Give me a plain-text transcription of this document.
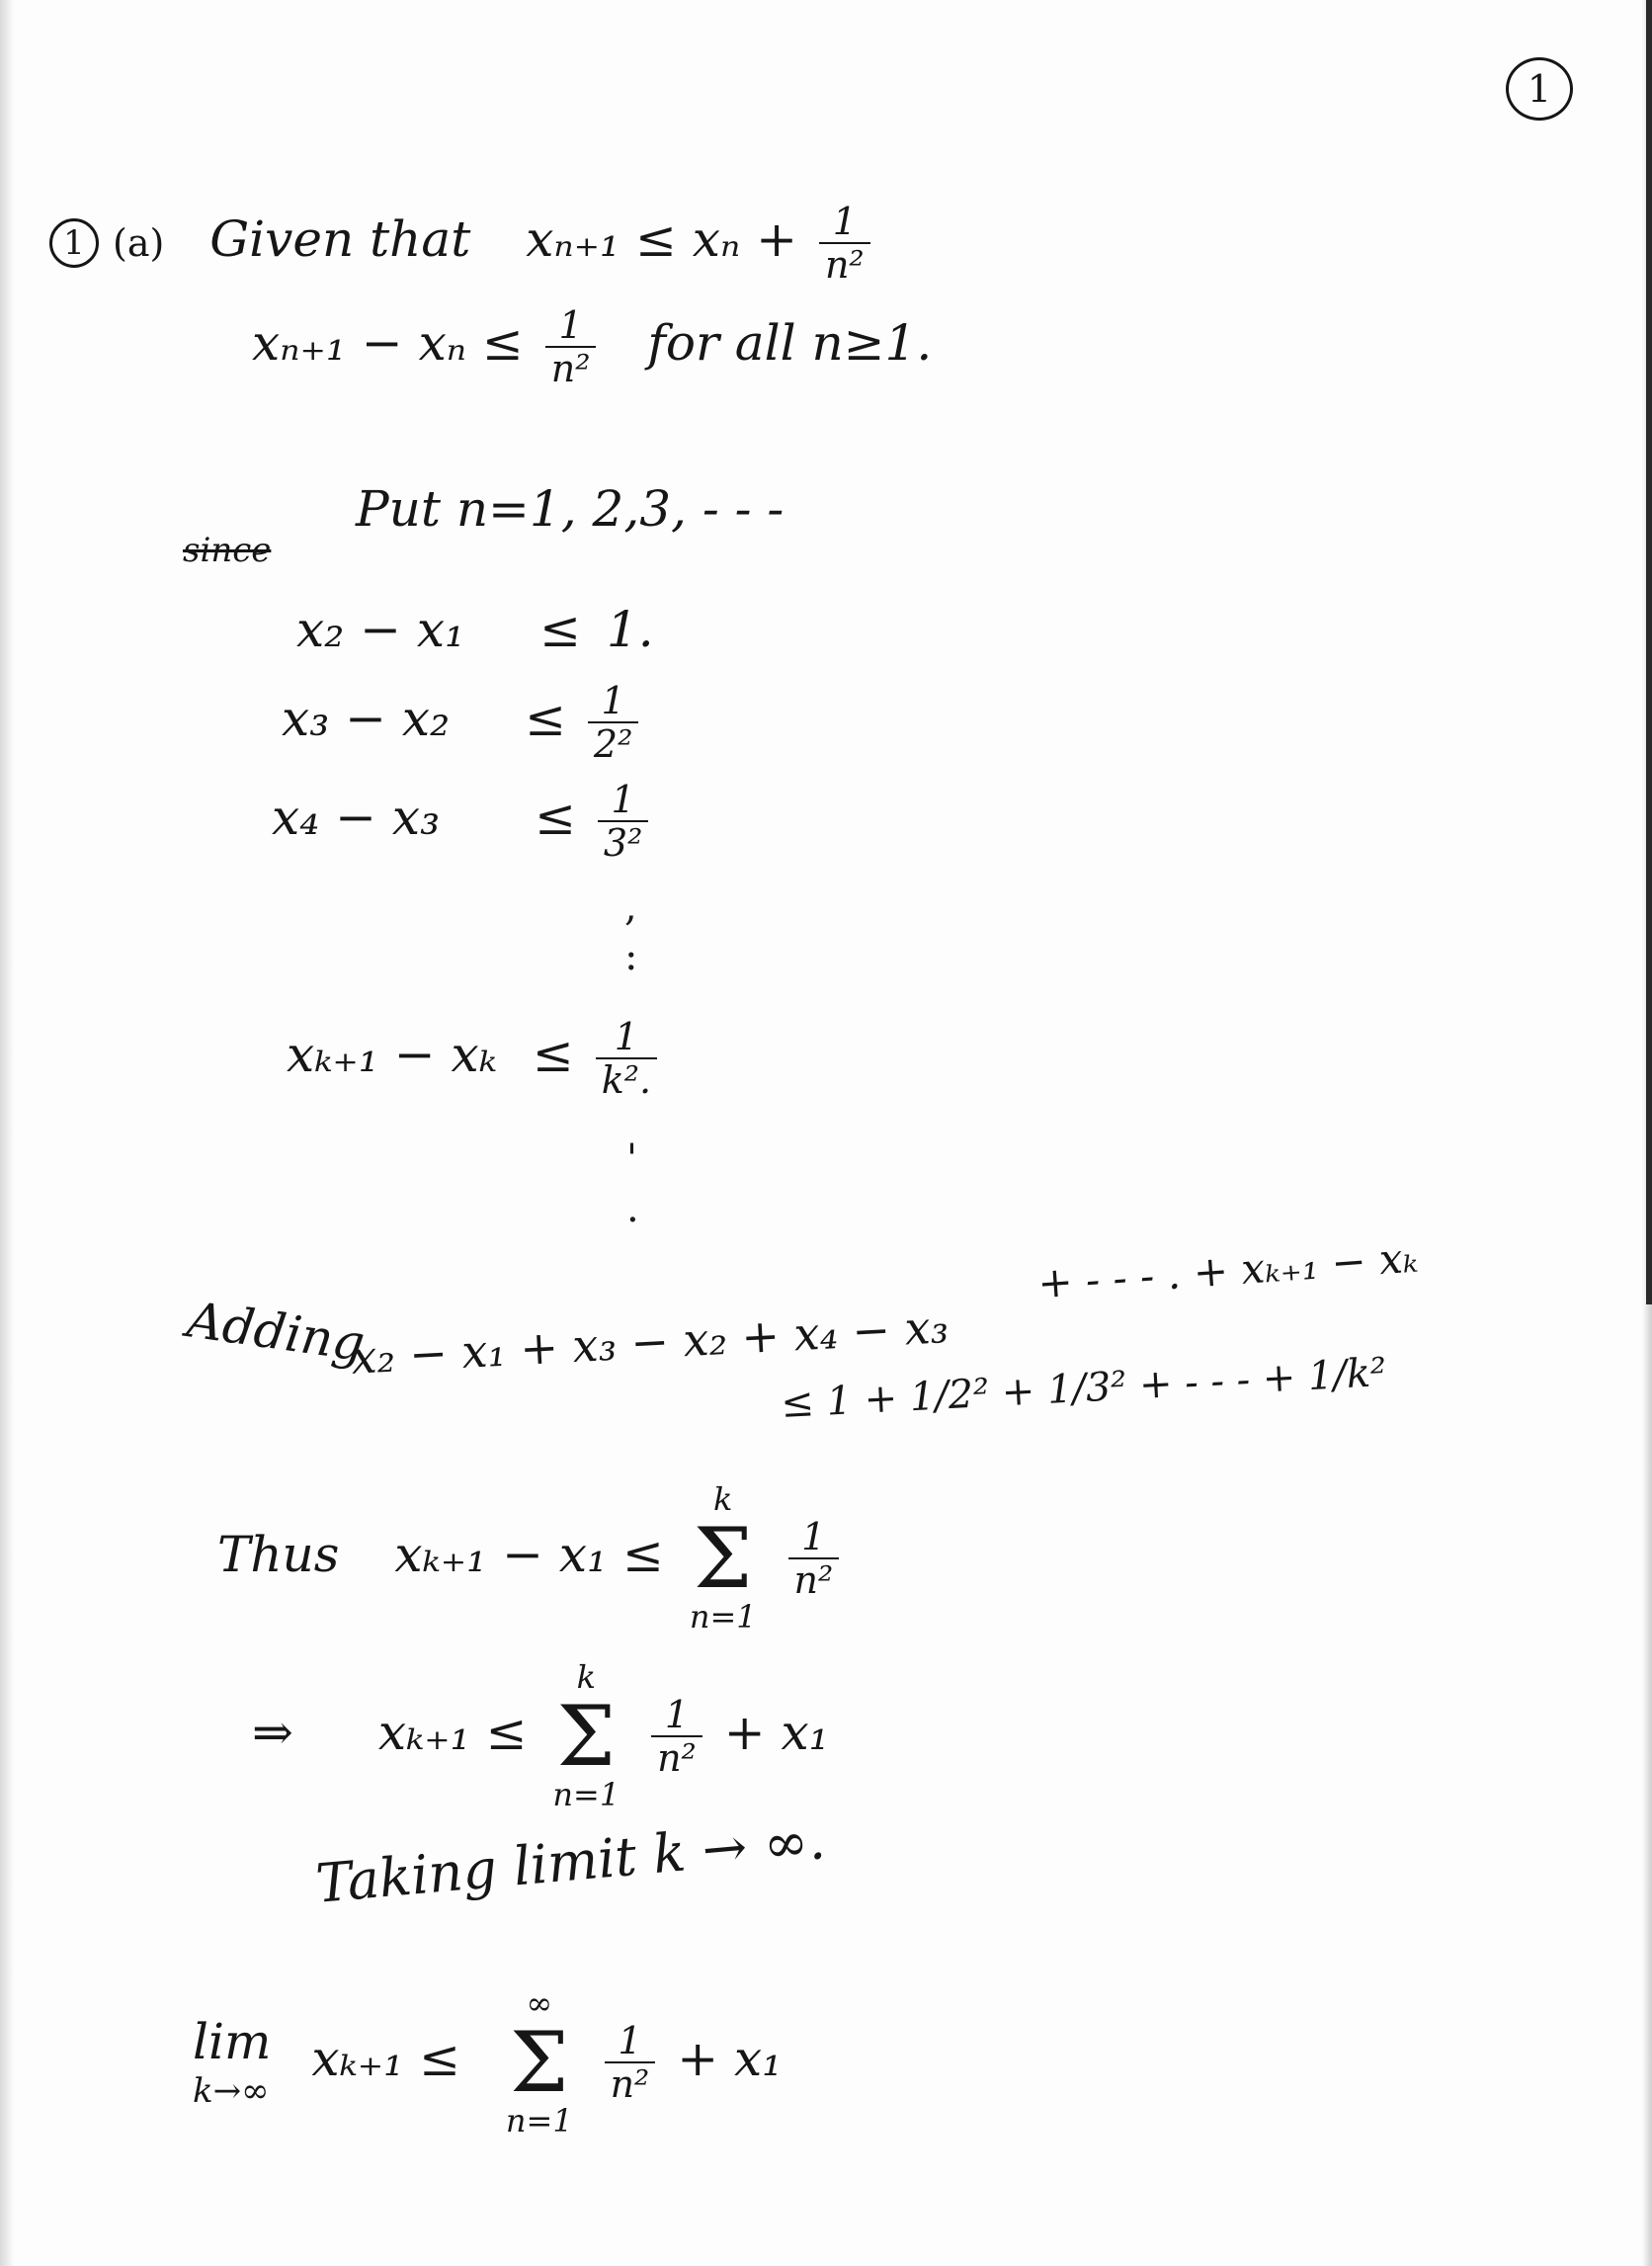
1
1 (a) Given that $x_{n+1} \le x_n + \frac{1}{\text{n²}}$
$x_{n+1} - x_n \le \frac{1}{\text{n²}}$ for all n≥1.
Put n=1, 2,3, - - -
since
x₂ − x₁ ≤ 1.
$x_3 - x_2 \le \frac{1}{\text{2²}}$
$x_4 - x_3 \le \frac{1}{\text{3²}}$
,
:
$x_{k+1} - x_k \le \frac{1}{\text{k².}}$
'
.
Adding
+ - - - . + xₖ₊₁ − xₖ
x₂ − x₁ + x₃ − x₂ + x₄ − x₃
≤ 1 + 1/2² + 1/3² + - - - + 1/k²
Thus xₖ₊₁ − x₁ ≤
k
Σ
n=1

$\frac{1}{\text{n²}}$
⇒ xₖ₊₁ ≤
k
Σ
n=1

$\frac{1}{\text{n²}} + x_1$
Taking limit k → ∞.
lim
k→∞
xₖ₊₁ ≤
∞
Σ
n=1

$\frac{1}{\text{n²}} + x_1$
